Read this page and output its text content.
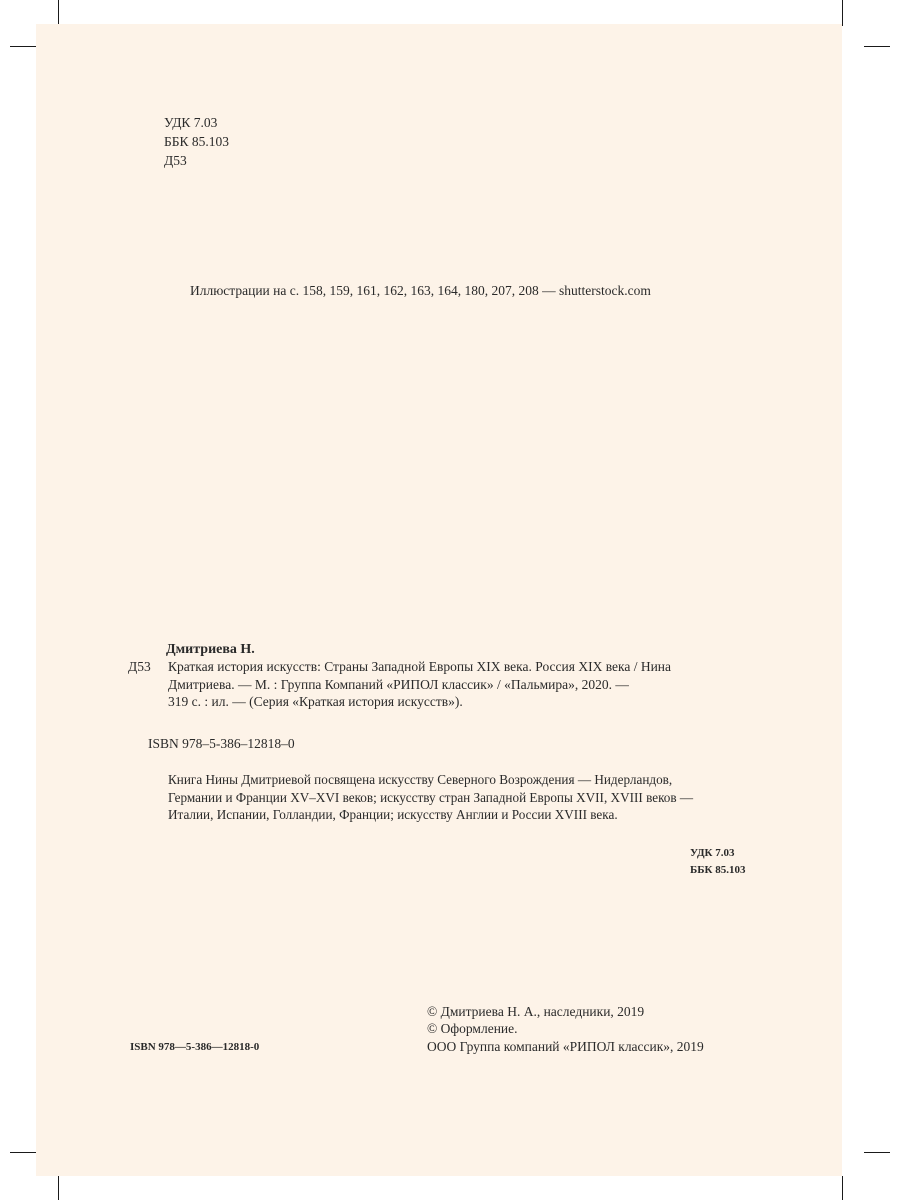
УДК 7.03
ББК 85.103
Д53
Иллюстрации на с. 158, 159, 161, 162, 163, 164, 180, 207, 208 — shutterstock.com
Дмитриева Н.
Д53 Краткая история искусств: Страны Западной Европы XIX века. Россия XIX века / Нина
Дмитриева. — М. : Группа Компаний «РИПОЛ классик» / «Пальмира», 2020. —
319 с. : ил. — (Серия «Краткая история искусств»).
ISBN 978–5-386–12818–0
Книга Нины Дмитриевой посвящена искусству Северного Возрождения — Нидерландов,
Германии и Франции XV–XVI веков; искусству стран Западной Европы XVII, XVIII веков —
Италии, Испании, Голландии, Франции; искусству Англии и России XVIII века.
УДК 7.03
ББК 85.103
ISBN 978—5-386—12818-0
© Дмитриева Н. А., наследники, 2019
© Оформление.
ООО Группа компаний «РИПОЛ классик», 2019
